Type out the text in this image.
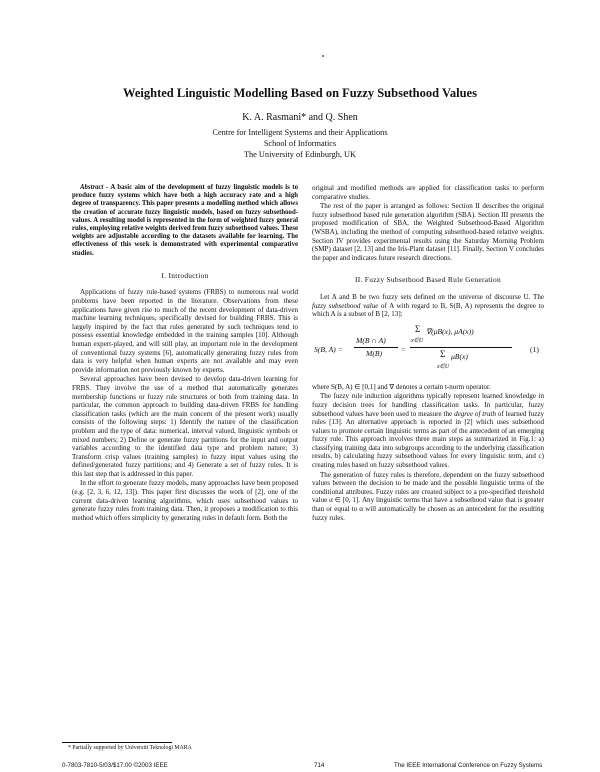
Weighted Linguistic Modelling Based on Fuzzy Subsethood Values
K. A. Rasmani* and Q. Shen
Centre for Intelligent Systems and their Applications
School of Informatics
The University of Edinburgh, UK

Abstract - A basic aim of the development of fuzzy linguistic models is to produce fuzzy systems which have both a high accuracy rate and a high degree of transparency. This paper presents a modelling method which allows the creation of accurate fuzzy linguistic models, based on fuzzy subsethood-values. A resulting model is represented in the form of weighted fuzzy general rules, employing relative weights derived from fuzzy subsethood values. These weights are adjustable according to the datasets available for learning. The effectiveness of this work is demonstrated with experimental comparative studies.

I. Introduction

Applications of fuzzy rule-based systems (FRBS) to numerous real world problems have been reported in the literature. Observations from these applications have given rise to much of the recent development of data-driven machine learning techniques, specifically devised for building FRBS. This is largely inspired by the fact that rules generated by such techniques tend to possess essential knowledge embedded in the training samples [10]. Although human expert-played, and will still play, an important role in the development of conventional fuzzy systems [6], automatically generating fuzzy rules from data is very helpful when human experts are not available and may even provide information not previously known by experts.

Several approaches have been devised to develop data-driven learning for FRBS. They involve the use of a method that automatically generates membership functions or fuzzy rule structures or both from training data. In particular, the common approach to building data-driven FRBS for handling classification tasks (which are the main concern of the present work) usually consists of the following steps: 1) Identify the nature of the classification problem and the type of data: numerical, interval valued, linguistic symbols or mixed numbers; 2) Define or generate fuzzy partitions for the input and output variables according to the identified data type and problem nature; 3) Transform crisp values (training samples) to fuzzy input values using the defined/generated fuzzy partitions; and 4) Generate a set of fuzzy rules. It is this last step that is addressed in this paper.

In the effort to generate fuzzy models, many approaches have been proposed (e.g. [2, 3, 6, 12, 13]). This paper first discusses the work of [2], one of the current data-driven learning algorithms, which uses subsethood values to generate fuzzy rules from training data. Then, it proposes a modification to this method which offers simplicity by generating rules in default form. Both the

original and modified methods are applied for classification tasks to perform comparative studies.

The rest of the paper is arranged as follows: Section II describes the original fuzzy subsethood based rule generation algorithm (SBA). Section III presents the proposed modification of SBA, the Weighted Subsethood-Based Algorithm (WSBA), including the method of computing subsethood-based relative weights. Section IV provides experimental results using the Saturday Morning Problem (SMP) dataset [2, 13] and the Iris-Plant dataset [11]. Finally, Section V concludes the paper and indicates future research directions.

II. Fuzzy Subsethood Based Rule Generation

Let A and B be two fuzzy sets defined on the universe of discourse U. The fuzzy subsethood value of A with regard to B, S(B, A) represents the degree to which A is a subset of B [2, 13]:

S(B, A) =
M(B ∩ A)
M(B) =
Σ ∇(μB(x), μA(x))
x∈U
Σ μB(x)
x∈U
(1)

where S(B, A) ∈ [0,1] and ∇ denotes a certain t-norm operator.

The fuzzy rule induction algorithms typically represent learned knowledge in fuzzy decision trees for handling classification tasks. In particular, fuzzy subsethood values have been used to measure the degree of truth of learned fuzzy rules [13]. An alternative approach is reported in [2] which uses subsethood values to promote certain linguistic terms as part of the antecedent of an emerging fuzzy rule. This approach involves three main steps as summarized in Fig.1: a) classifying training data into subgroups according to the underlying classification results, b) calculating fuzzy subsethood values for every linguistic term, and c) creating rules based on fuzzy subsethood values.

The generation of fuzzy rules is therefore, dependent on the fuzzy subsethood values between the decision to be made and the possible linguistic terms of the conditional attributes. Fuzzy rules are created subject to a pre-specified threshold value α ∈ [0, 1]. Any linguistic terms that have a subsethood value that is greater than or equal to α will automatically be chosen as an antecedent for the resulting fuzzy rules.

* Partially supported by Universiti Teknologi MARA
0-7803-7810-5/03/$17.00 ©2003 IEEE	714	The IEEE International Conference on Fuzzy Systems
